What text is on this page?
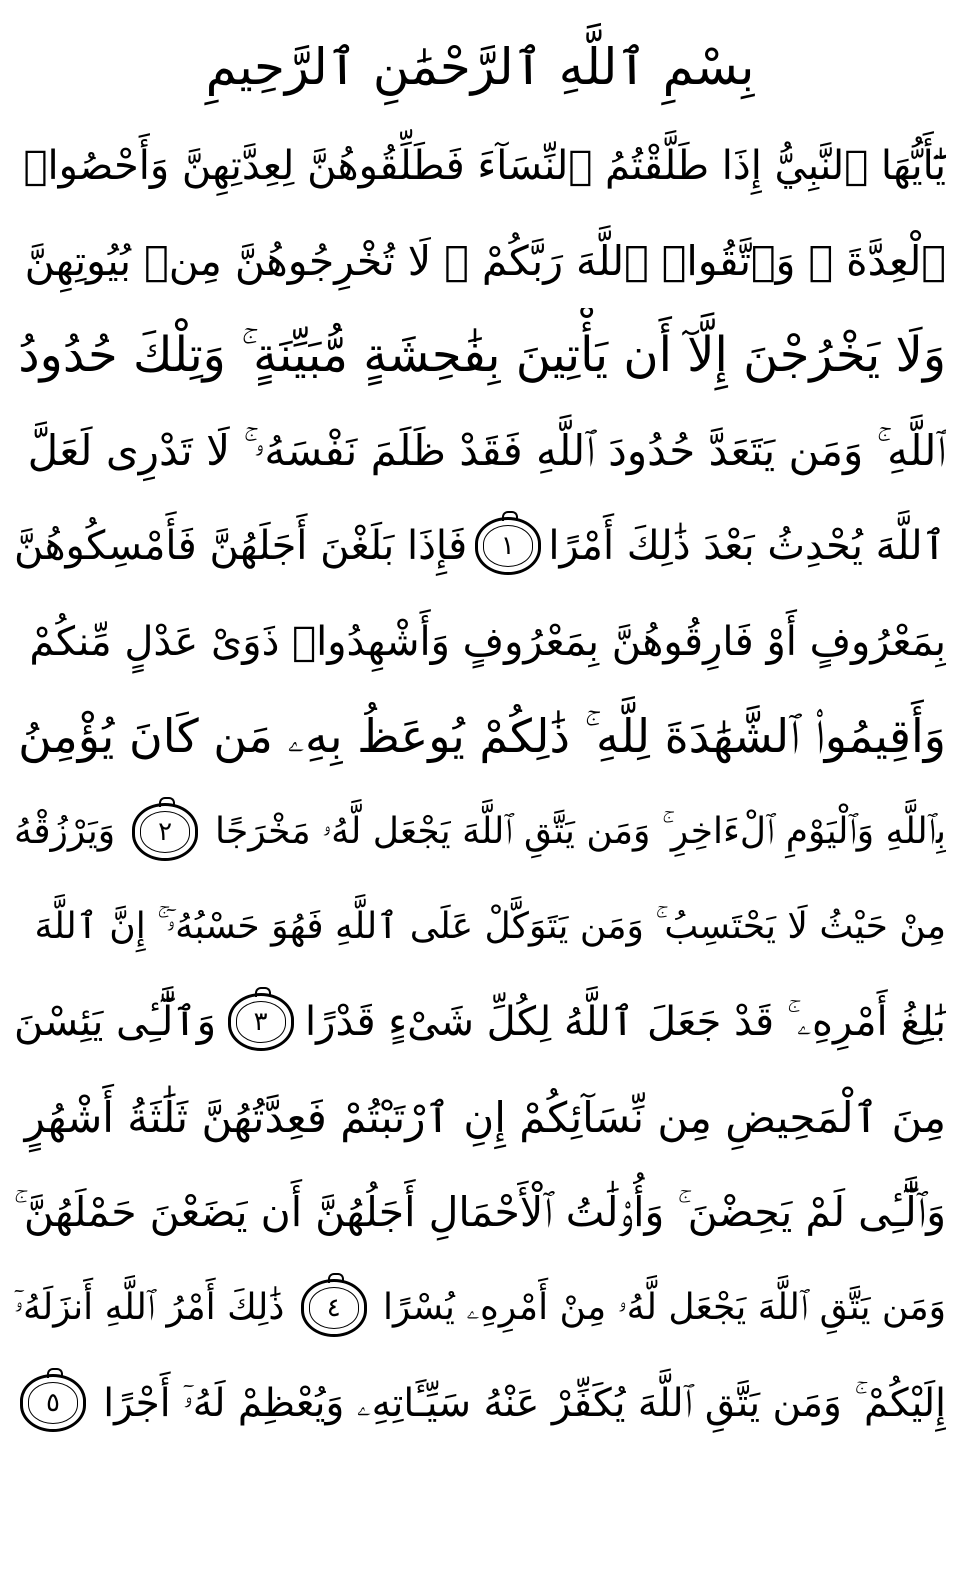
بِسْمِ ٱللَّهِ ٱلرَّحْمَٰنِ ٱلرَّحِيمِ
يَٰٓأَيُّهَا ٱلنَّبِيُّ إِذَا طَلَّقْتُمُ ٱلنِّسَآءَ فَطَلِّقُوهُنَّ لِعِدَّتِهِنَّ وَأَحْصُوا۟
ٱلْعِدَّةَ ۖ وَٱتَّقُوا۟ ٱللَّهَ رَبَّكُمْ ۖ لَا تُخْرِجُوهُنَّ مِنۢ بُيُوتِهِنَّ
وَلَا يَخْرُجْنَ إِلَّآ أَن يَأْتِينَ بِفَٰحِشَةٍ مُّبَيِّنَةٍ ۚ وَتِلْكَ حُدُودُ
ٱللَّهِ ۚ وَمَن يَتَعَدَّ حُدُودَ ٱللَّهِ فَقَدْ ظَلَمَ نَفْسَهُۥ ۚ لَا تَدْرِى لَعَلَّ
ٱللَّهَ يُحْدِثُ بَعْدَ ذَٰلِكَ أَمْرًا
١
فَإِذَا بَلَغْنَ أَجَلَهُنَّ فَأَمْسِكُوهُنَّ
بِمَعْرُوفٍ أَوْ فَارِقُوهُنَّ بِمَعْرُوفٍ وَأَشْهِدُوا۟ ذَوَىْ عَدْلٍ مِّنكُمْ
وَأَقِيمُوا۟ ٱلشَّهَٰدَةَ لِلَّهِ ۚ ذَٰلِكُمْ يُوعَظُ بِهِۦ مَن كَانَ يُؤْمِنُ
بِٱللَّهِ وَٱلْيَوْمِ ٱلْءَاخِرِ ۚ وَمَن يَتَّقِ ٱللَّهَ يَجْعَل لَّهُۥ مَخْرَجًا
٢
وَيَرْزُقْهُ
مِنْ حَيْثُ لَا يَحْتَسِبُ ۚ وَمَن يَتَوَكَّلْ عَلَى ٱللَّهِ فَهُوَ حَسْبُهُۥٓ ۚ إِنَّ ٱللَّهَ
بَٰلِغُ أَمْرِهِۦ ۚ قَدْ جَعَلَ ٱللَّهُ لِكُلِّ شَىْءٍ قَدْرًا
٣
وَٱلَّٰٓـِٔى يَئِسْنَ
مِنَ ٱلْمَحِيضِ مِن نِّسَآئِكُمْ إِنِ ٱرْتَبْتُمْ فَعِدَّتُهُنَّ ثَلَٰثَةُ أَشْهُرٍ
وَٱلَّٰٓـِٔى لَمْ يَحِضْنَ ۚ وَأُو۟لَٰتُ ٱلْأَحْمَالِ أَجَلُهُنَّ أَن يَضَعْنَ حَمْلَهُنَّ ۚ
وَمَن يَتَّقِ ٱللَّهَ يَجْعَل لَّهُۥ مِنْ أَمْرِهِۦ يُسْرًا
٤
ذَٰلِكَ أَمْرُ ٱللَّهِ أَنزَلَهُۥٓ
إِلَيْكُمْ ۚ وَمَن يَتَّقِ ٱللَّهَ يُكَفِّرْ عَنْهُ سَيِّـَٔاتِهِۦ وَيُعْظِمْ لَهُۥٓ أَجْرًا
٥
